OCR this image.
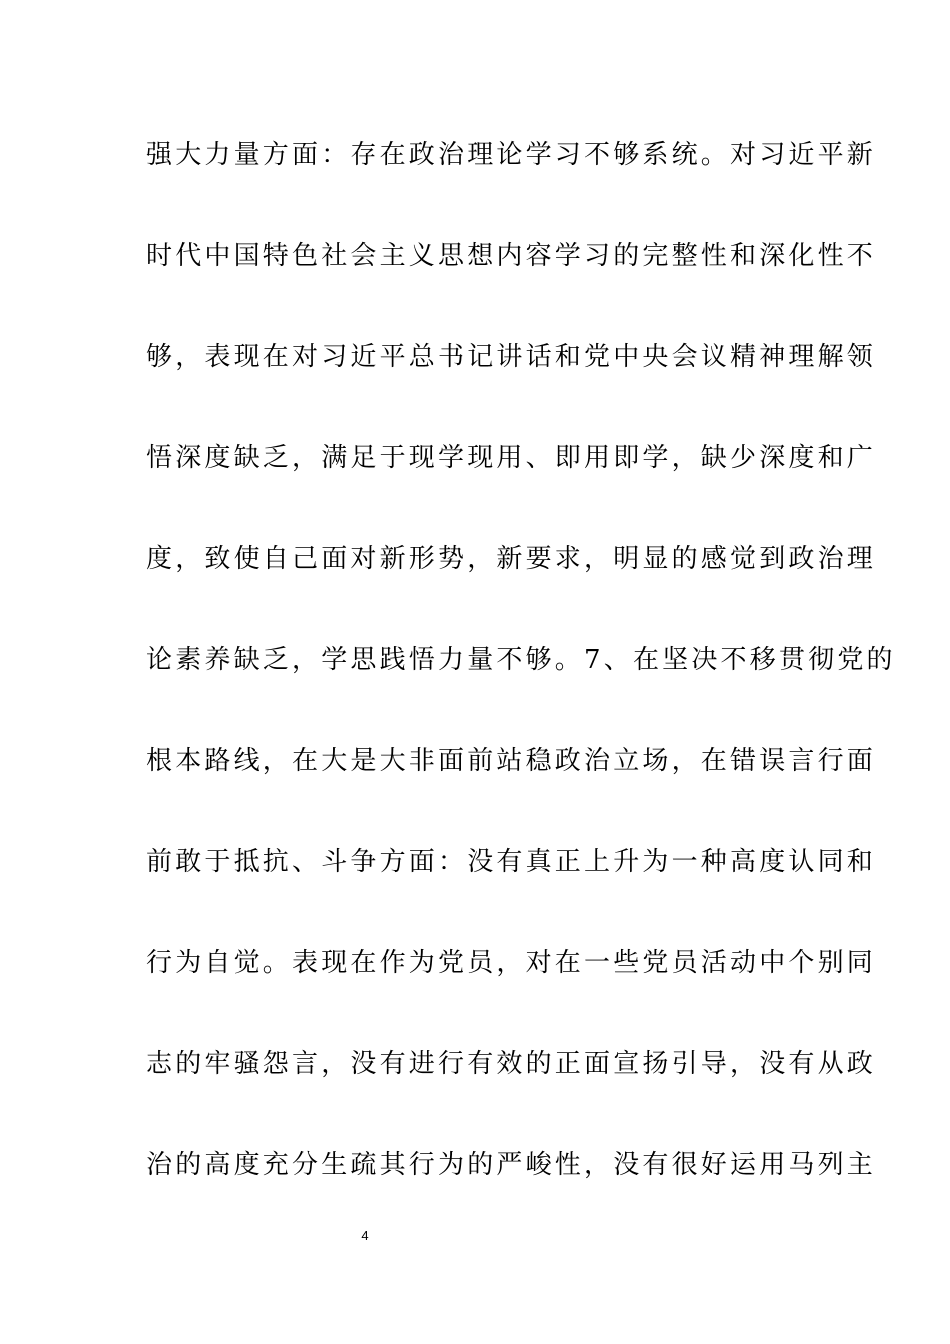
强大力量方面：存在政治理论学习不够系统。对习近平新
时代中国特色社会主义思想内容学习的完整性和深化性不
够，表现在对习近平总书记讲话和党中央会议精神理解领
悟深度缺乏，满足于现学现用、即用即学，缺少深度和广
度，致使自己面对新形势，新要求，明显的感觉到政治理
论素养缺乏，学思践悟力量不够。7、在坚决不移贯彻党的
根本路线，在大是大非面前站稳政治立场，在错误言行面
前敢于抵抗、斗争方面：没有真正上升为一种高度认同和
行为自觉。表现在作为党员，对在一些党员活动中个别同
志的牢骚怨言，没有进行有效的正面宣扬引导，没有从政
治的高度充分生疏其行为的严峻性，没有很好运用马列主
4
